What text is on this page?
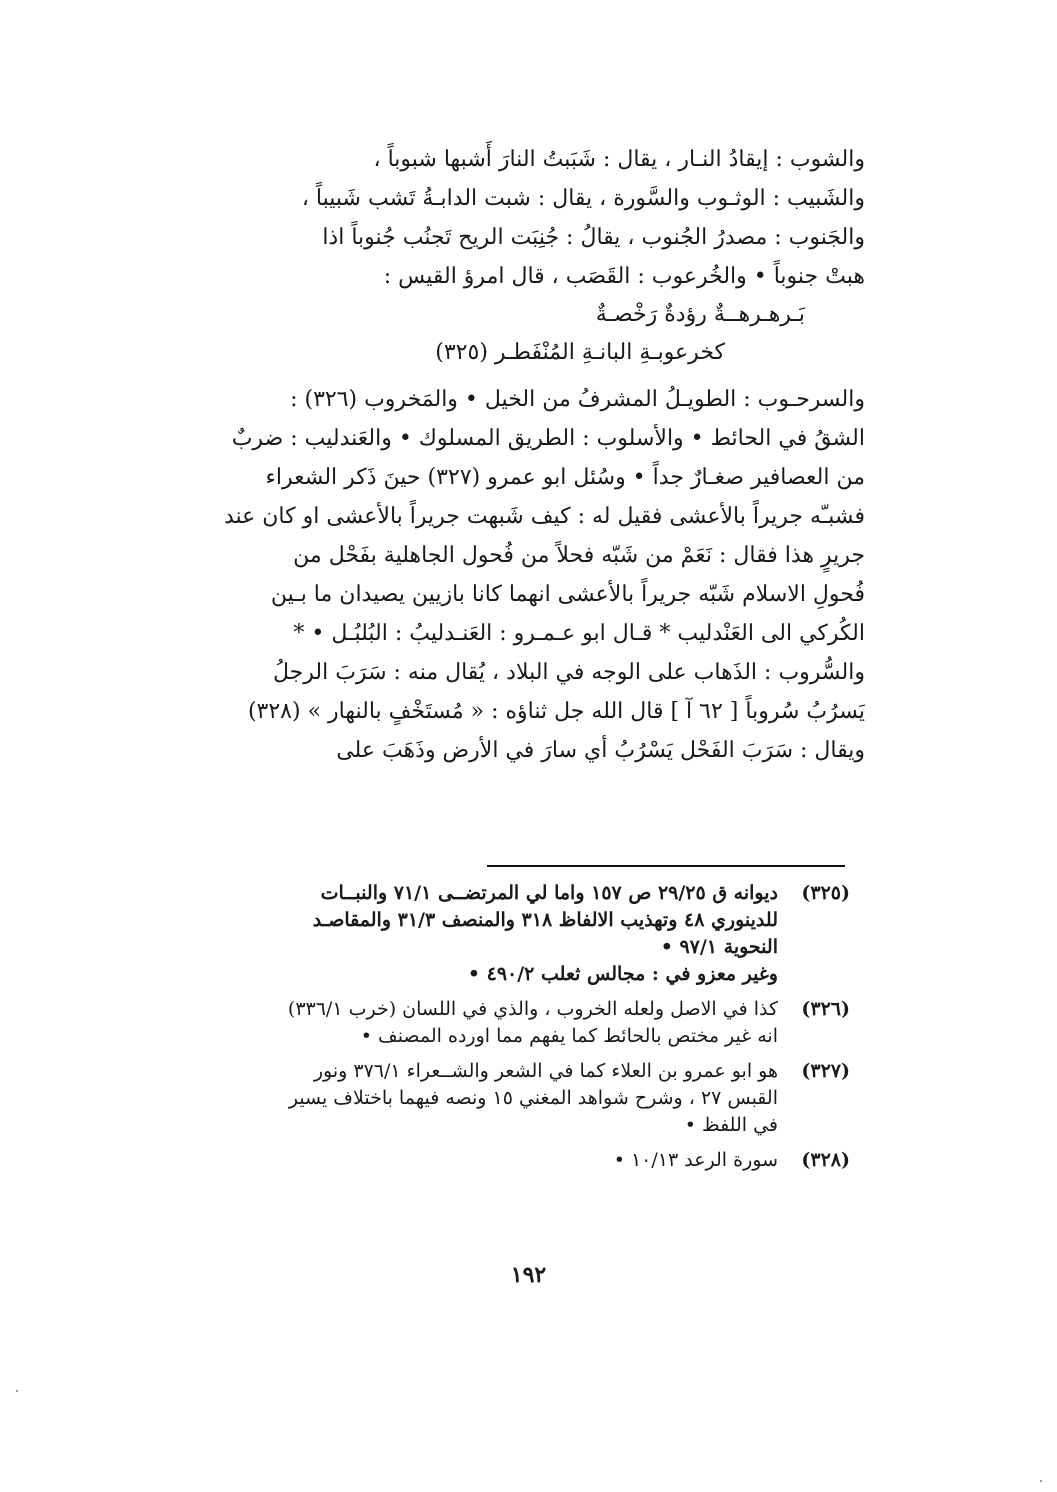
والشوب : إيقادُ النـار ، يقال : شَبَبتُ النارَ أَشبها شبوباً ،
والشَبيب : الوثـوب والسَّورة ، يقال : شبت الدابـةُ تَشب شَبيباً ،
والجَنوب : مصدرُ الجُنوب ، يقالُ : جُنِبَت الريح تَجنُب جُنوباً اذا
هبتْ جنوباً • والخُرعوب : القَصَب ، قال امرؤ القيس :
بَـرهـرهــةٌ رؤدةٌ رَخْصـةٌ
كخرعوبـةِ البانـةِ المُنْفَطـر (٣٢٥)
والسرحـوب : الطويـلُ المشرفُ من الخيل • والمَخروب (٣٢٦) :
الشقُ في الحائط • والأسلوب : الطريق المسلوك • والعَندليب : ضربٌ
من العصافير صغـارٌ جداً • وسُئل ابو عمرو (٣٢٧) حينَ ذَكر الشعراء
فشبـّه جريراً بالأعشى فقيل له : كيف شَبهت جريراً بالأعشى او كان عند
جريرٍ هذا فقال : نَعَمْ من شَبّه فحلاً من فُحول الجاهلية بفَحْل من
فُحولِ الاسلام شَبّه جريراً بالأعشى انهما كانا بازيين يصيدان ما بـين
الكُركي الى العَنْدليب * قـال ابو عـمـرو : العَنـدليبُ : البُلبُـل • *
والسُّروب : الذَهاب على الوجه في البلاد ، يُقال منه : سَرَبَ الرجلُ
يَسرُبُ سُروباً [ ٦٢ آ ] قال الله جل ثناؤه : « مُستَخْفٍ بالنهار » (٣٢٨)
ويقال : سَرَبَ الفَحْل يَسْرُبُ أي سارَ في الأرض وذَهَبَ على
(٣٢٥)
ديوانه ق ٢٩/٢٥ ص ١٥٧ واما لي المرتضــى ٧١/١ والنبــات
للدينوري ٤٨ وتهذيب الالفاظ ٣١٨ والمنصف ٣١/٣ والمقاصـد
النحوية ٩٧/١ •
وغير معزو في : مجالس ثعلب ٤٩٠/٢ •
(٣٢٦)
كذا في الاصل ولعله الخروب ، والذي في اللسان (خرب ٣٣٦/١)
انه غير مختص بالحائط كما يفهم مما اورده المصنف •
(٣٢٧)
هو ابو عمرو بن العلاء كما في الشعر والشــعراء ٣٧٦/١ ونور
القبس ٢٧ ، وشرح شواهد المغني ١٥ ونصه فيهما باختلاف يسير
في اللفظ •
(٣٢٨)
سورة الرعد ١٠/١٣ •
١٩٢
